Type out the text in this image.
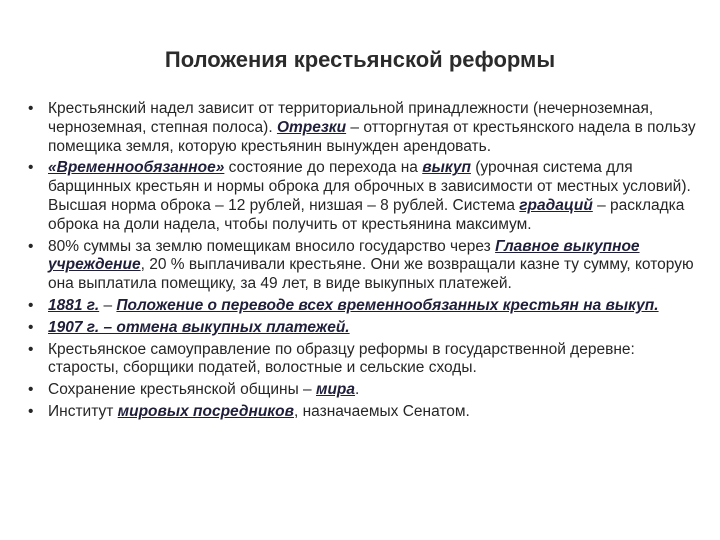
Положения крестьянской реформы
• Крестьянский надел зависит от территориальной принадлежности (нечерноземная, черноземная, степная полоса). Отрезки – отторгнутая от крестьянского надела в пользу помещика земля, которую крестьянин вынужден арендовать.
• «Временнообязанное» состояние до перехода на выкуп (урочная система для барщинных крестьян и нормы оброка для оброчных в зависимости от местных условий). Высшая норма оброка – 12 рублей, низшая – 8 рублей. Система градаций – раскладка оброка на доли надела, чтобы получить от крестьянина максимум.
• 80% суммы за землю помещикам вносило государство через Главное выкупное учреждение, 20 % выплачивали крестьяне. Они же возвращали казне ту сумму, которую она выплатила помещику, за 49 лет, в виде выкупных платежей.
• 1881 г. – Положение о переводе всех временнообязанных крестьян на выкуп.
• 1907 г. – отмена выкупных платежей.
• Крестьянское самоуправление по образцу реформы в государственной деревне: старосты, сборщики податей, волостные и сельские сходы.
• Сохранение крестьянской общины – мира.
• Институт мировых посредников, назначаемых Сенатом.
